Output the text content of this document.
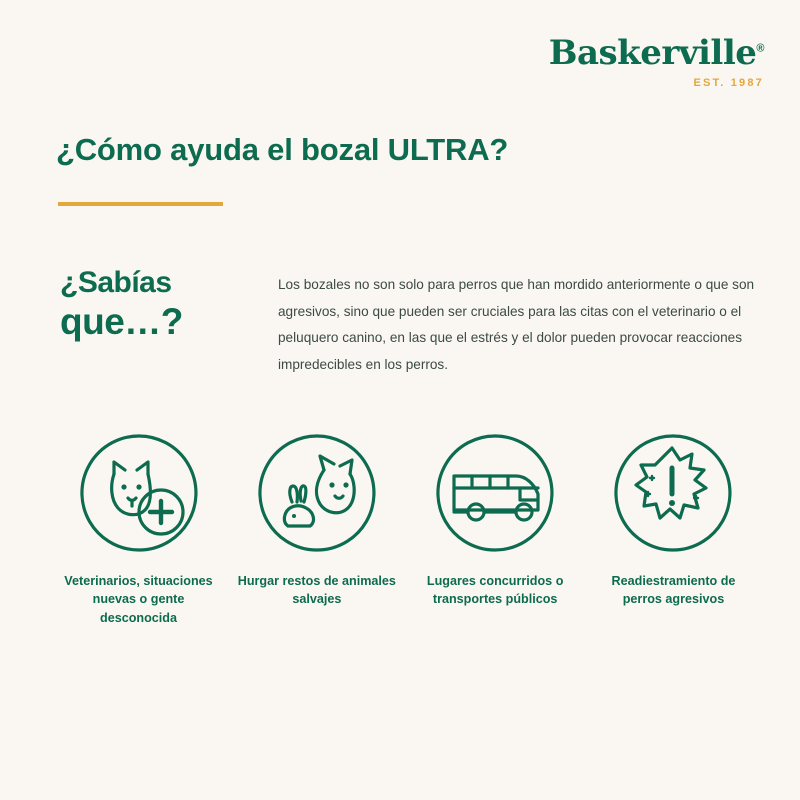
Baskerville®
EST. 1987
¿Cómo ayuda el bozal ULTRA?
¿Sabías
que…?

Los bozales no son solo para perros que han mordido anteriormente o que son agresivos, sino que pueden ser cruciales para las citas con el veterinario o el peluquero canino, en las que el estrés y el dolor pueden provocar reacciones impredecibles en los perros.

Veterinarios, situaciones nuevas o gente desconocida
Hurgar restos de animales salvajes
Lugares concurridos o transportes públicos
Readiestramiento de perros agresivos
